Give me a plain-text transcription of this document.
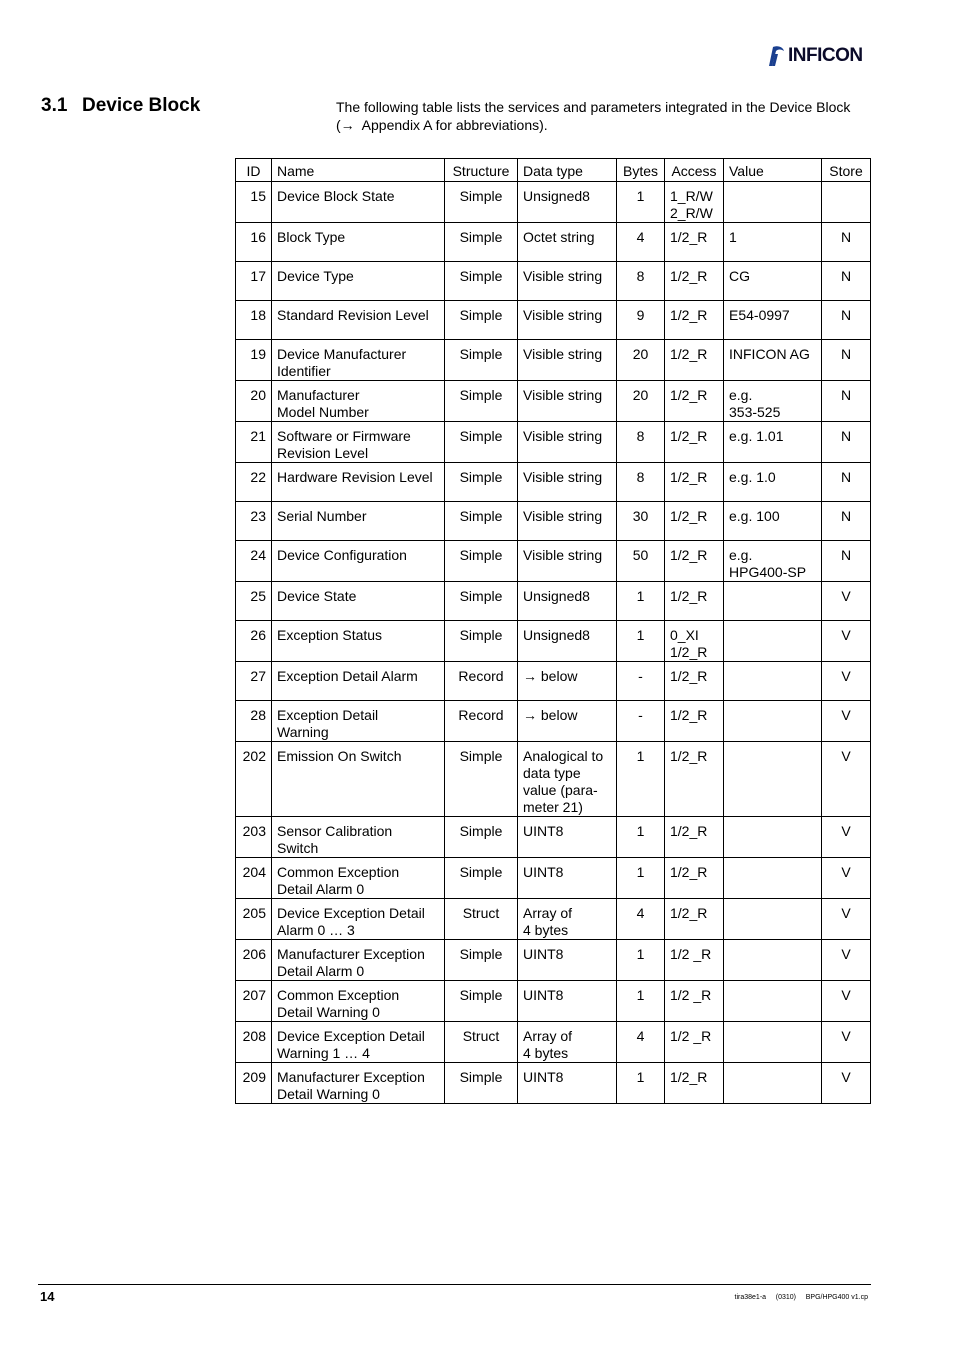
INFICON
3.1 Device Block	The following table lists the services and parameters integrated in the Device Block
(→  Appendix A for abbreviations).

ID	Name	Structure	Data type	Bytes	Access	Value	Store
15	Device Block State	Simple	Unsigned8	1	1_R/W
2_R/W		
16	Block Type	Simple	Octet string	4	1/2_R	1	N
17	Device Type	Simple	Visible string	8	1/2_R	CG	N
18	Standard Revision Level	Simple	Visible string	9	1/2_R	E54-0997	N
19	Device Manufacturer
Identifier	Simple	Visible string	20	1/2_R	INFICON AG	N
20	Manufacturer
Model Number	Simple	Visible string	20	1/2_R	e.g.
353-525	N
21	Software or Firmware
Revision Level	Simple	Visible string	8	1/2_R	e.g. 1.01	N
22	Hardware Revision Level	Simple	Visible string	8	1/2_R	e.g. 1.0	N
23	Serial Number	Simple	Visible string	30	1/2_R	e.g. 100	N
24	Device Configuration	Simple	Visible string	50	1/2_R	e.g.
HPG400-SP	N
25	Device State	Simple	Unsigned8	1	1/2_R		V
26	Exception Status	Simple	Unsigned8	1	0_XI
1/2_R		V
27	Exception Detail Alarm	Record	→ below	-	1/2_R		V
28	Exception Detail
Warning	Record	→ below	-	1/2_R		V
202	Emission On Switch	Simple	Analogical to
data type
value (para-
meter 21)	1	1/2_R		V
203	Sensor Calibration
Switch	Simple	UINT8	1	1/2_R		V
204	Common Exception
Detail Alarm 0	Simple	UINT8	1	1/2_R		V
205	Device Exception Detail
Alarm 0 … 3	Struct	Array of
4 bytes	4	1/2_R		V
206	Manufacturer Exception
Detail Alarm 0	Simple	UINT8	1	1/2 _R		V
207	Common Exception
Detail Warning 0	Simple	UINT8	1	1/2 _R		V
208	Device Exception Detail
Warning 1 … 4	Struct	Array of
4 bytes	4	1/2 _R		V
209	Manufacturer Exception
Detail Warning 0	Simple	UINT8	1	1/2_R		V
14	tira38e1-a     (0310)     BPG/HPG400 v1.cp
